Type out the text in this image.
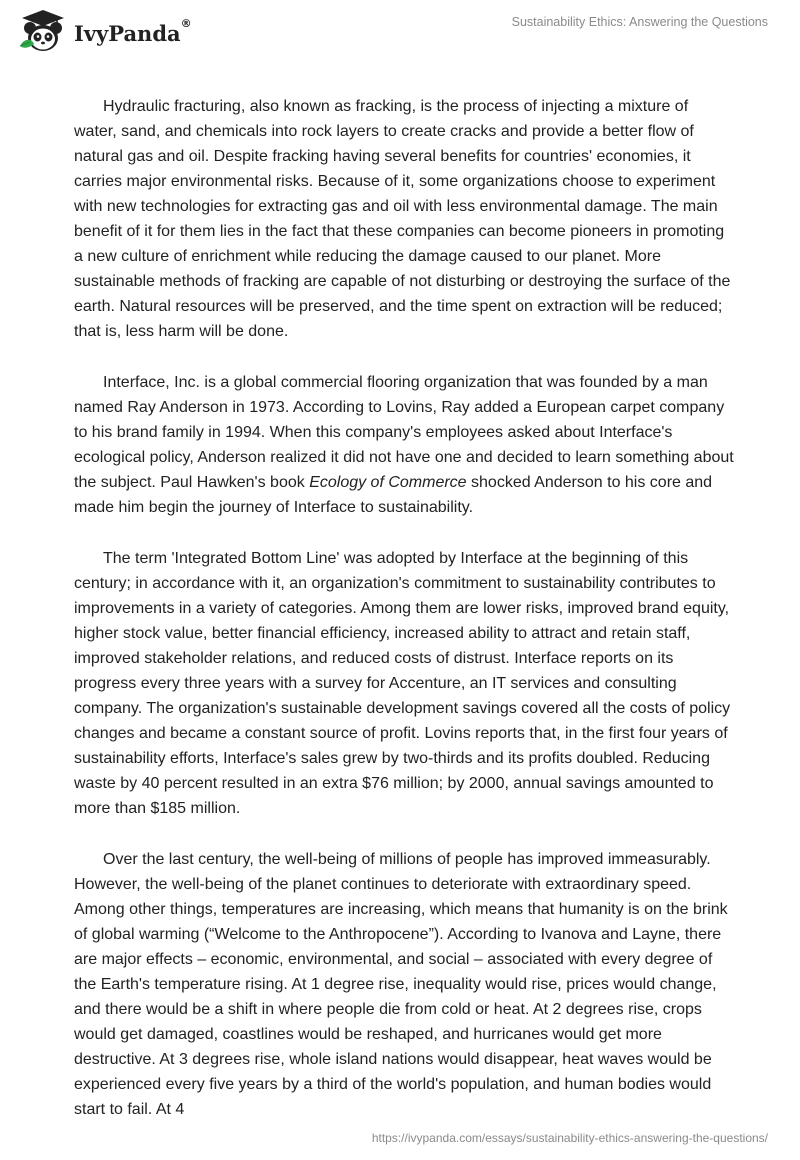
IvyPanda®	Sustainability Ethics: Answering the Questions

Hydraulic fracturing, also known as fracking, is the process of injecting a mixture of water, sand, and chemicals into rock layers to create cracks and provide a better flow of natural gas and oil. Despite fracking having several benefits for countries' economies, it carries major environmental risks. Because of it, some organizations choose to experiment with new technologies for extracting gas and oil with less environmental damage. The main benefit of it for them lies in the fact that these companies can become pioneers in promoting a new culture of enrichment while reducing the damage caused to our planet. More sustainable methods of fracking are capable of not disturbing or destroying the surface of the earth. Natural resources will be preserved, and the time spent on extraction will be reduced; that is, less harm will be done.

Interface, Inc. is a global commercial flooring organization that was founded by a man named Ray Anderson in 1973. According to Lovins, Ray added a European carpet company to his brand family in 1994. When this company's employees asked about Interface's ecological policy, Anderson realized it did not have one and decided to learn something about the subject. Paul Hawken's book Ecology of Commerce shocked Anderson to his core and made him begin the journey of Interface to sustainability.

The term 'Integrated Bottom Line' was adopted by Interface at the beginning of this century; in accordance with it, an organization's commitment to sustainability contributes to improvements in a variety of categories. Among them are lower risks, improved brand equity, higher stock value, better financial efficiency, increased ability to attract and retain staff, improved stakeholder relations, and reduced costs of distrust. Interface reports on its progress every three years with a survey for Accenture, an IT services and consulting company. The organization's sustainable development savings covered all the costs of policy changes and became a constant source of profit. Lovins reports that, in the first four years of sustainability efforts, Interface's sales grew by two-thirds and its profits doubled. Reducing waste by 40 percent resulted in an extra $76 million; by 2000, annual savings amounted to more than $185 million.

Over the last century, the well-being of millions of people has improved immeasurably. However, the well-being of the planet continues to deteriorate with extraordinary speed. Among other things, temperatures are increasing, which means that humanity is on the brink of global warming (“Welcome to the Anthropocene”). According to Ivanova and Layne, there are major effects – economic, environmental, and social – associated with every degree of the Earth's temperature rising. At 1 degree rise, inequality would rise, prices would change, and there would be a shift in where people die from cold or heat. At 2 degrees rise, crops would get damaged, coastlines would be reshaped, and hurricanes would get more destructive. At 3 degrees rise, whole island nations would disappear, heat waves would be experienced every five years by a third of the world's population, and human bodies would start to fail. At 4

https://ivypanda.com/essays/sustainability-ethics-answering-the-questions/
